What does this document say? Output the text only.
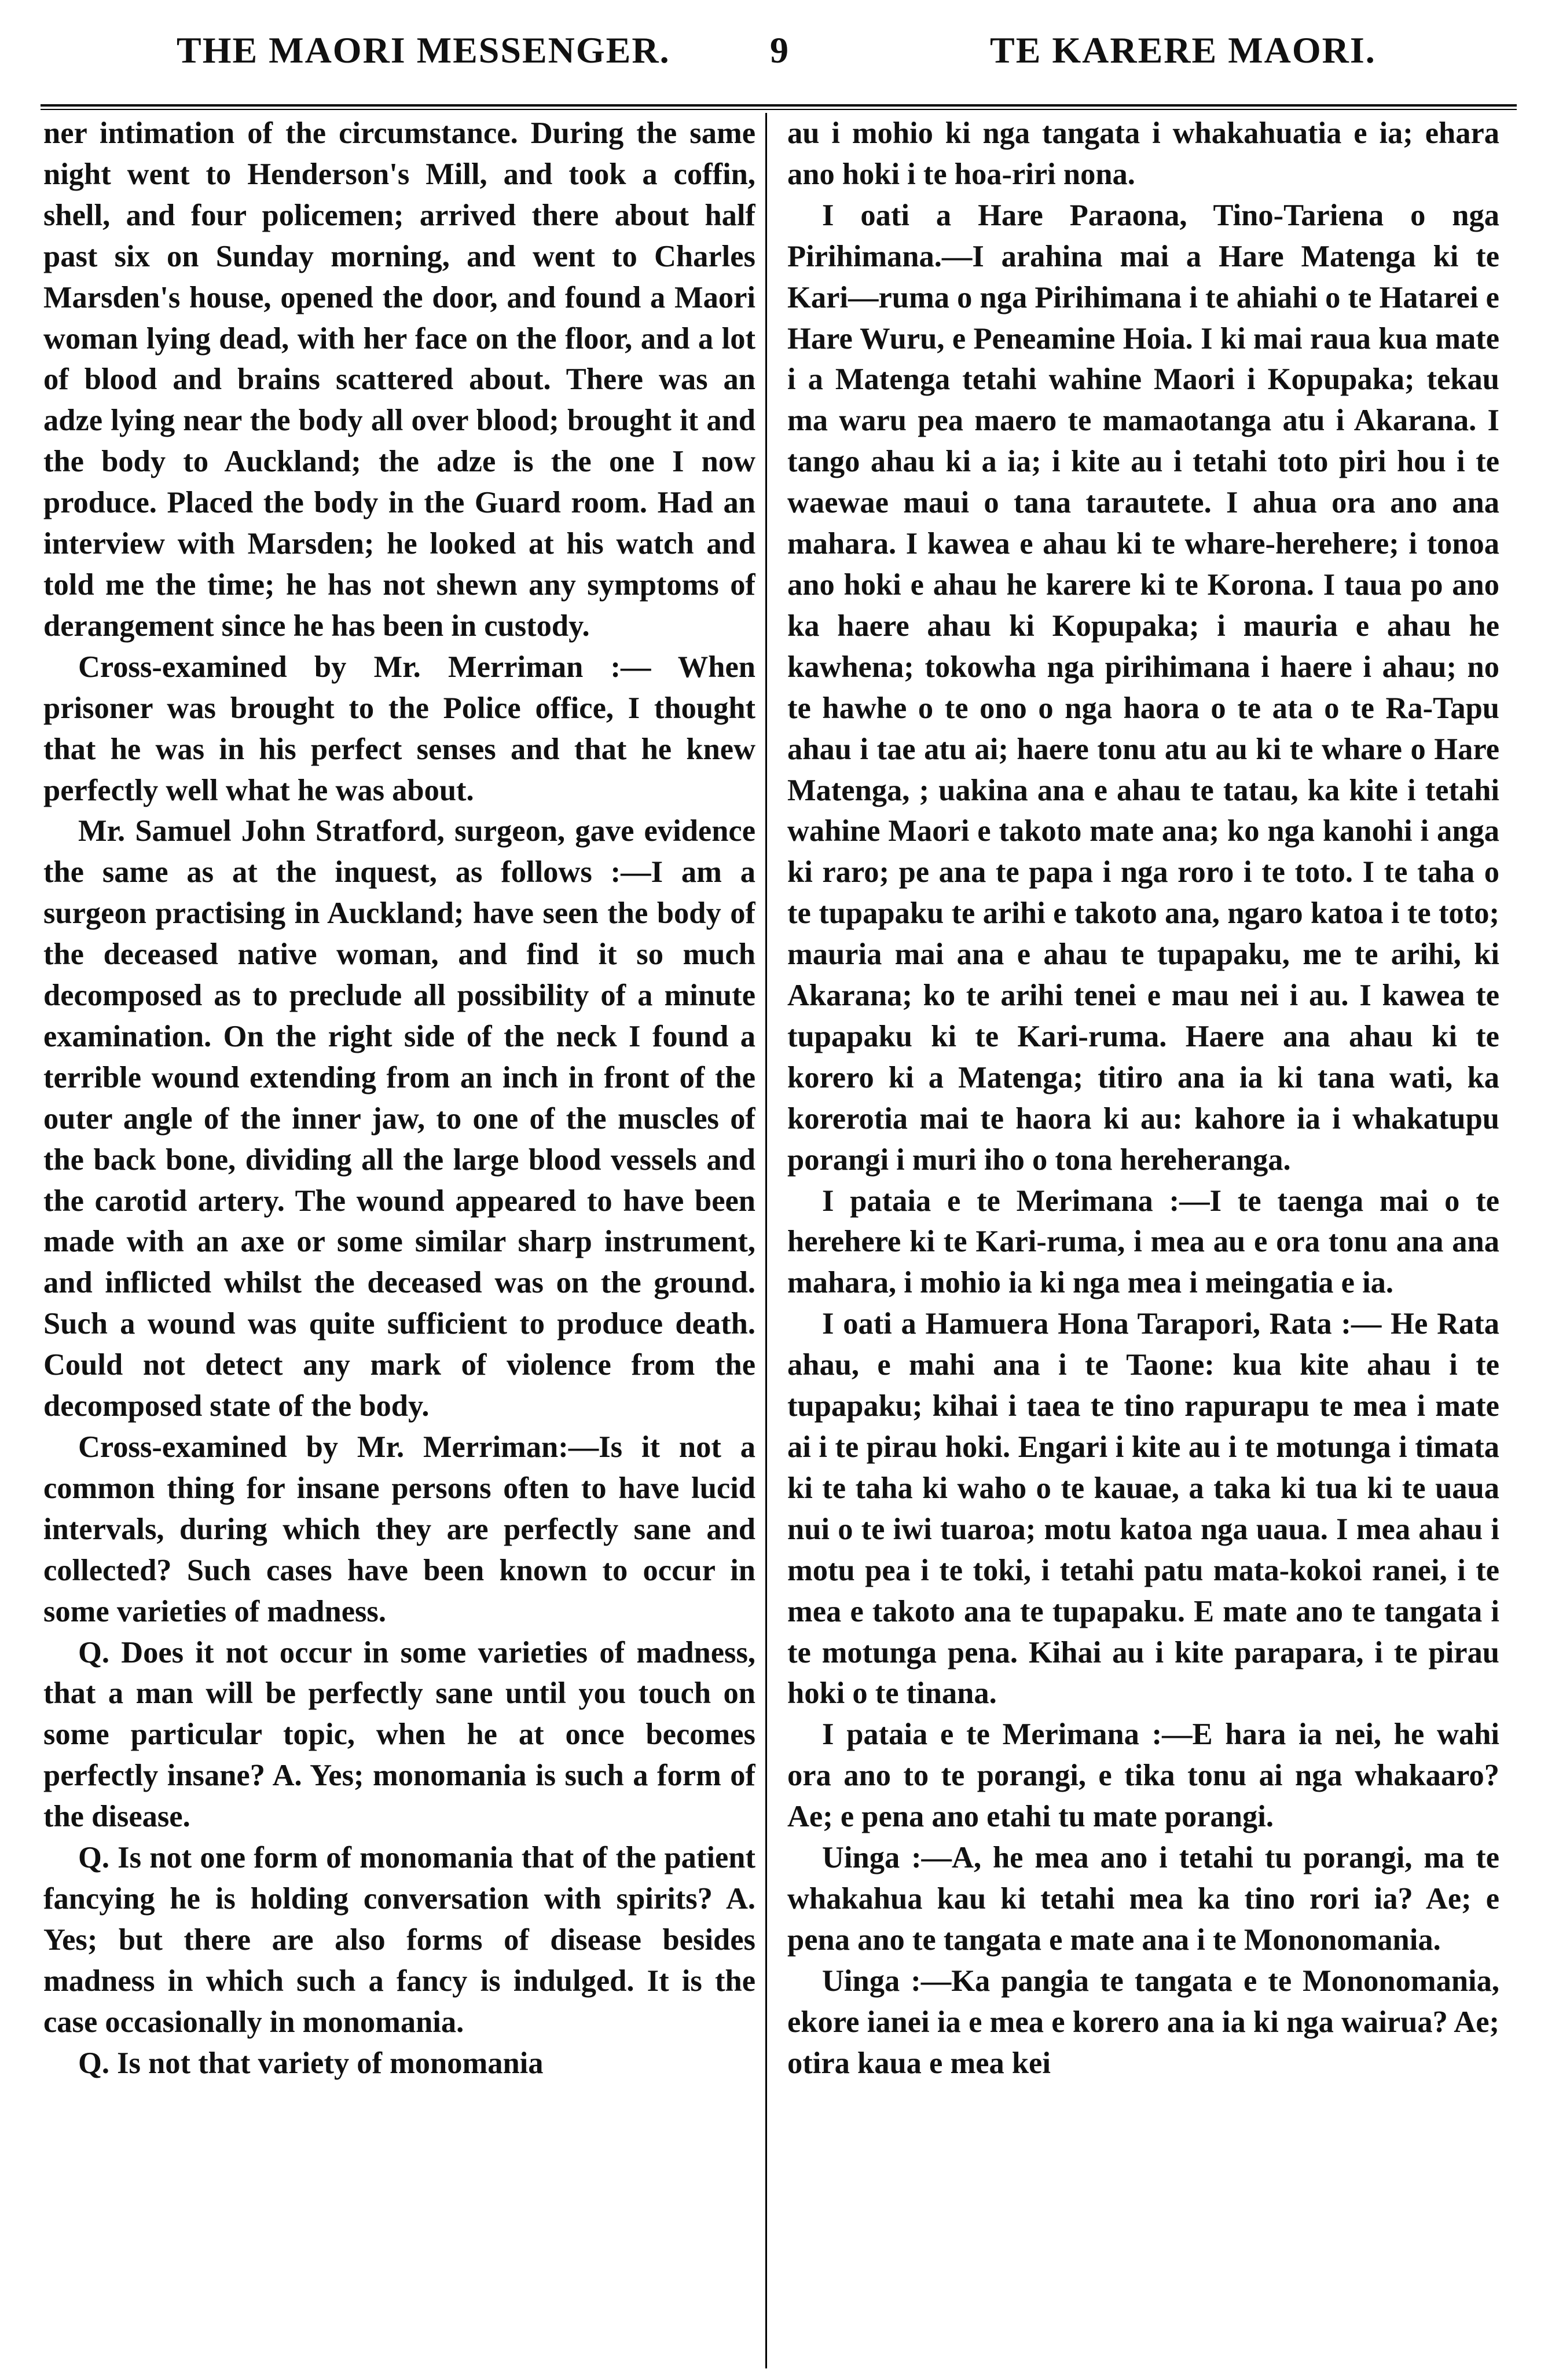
THE MAORI MESSENGER.	9	TE KARERE MAORI.

ner intimation of the circumstance. During the same night went to Henderson's Mill, and took a coffin, shell, and four policemen; arrived there about half past six on Sunday morning, and went to Charles Marsden's house, opened the door, and found a Maori woman lying dead, with her face on the floor, and a lot of blood and brains scattered about. There was an adze lying near the body all over blood; brought it and the body to Auckland; the adze is the one I now produce. Placed the body in the Guard room. Had an interview with Marsden; he looked at his watch and told me the time; he has not shewn any symptoms of derangement since he has been in custody.

Cross-examined by Mr. Merriman :— When prisoner was brought to the Police office, I thought that he was in his perfect senses and that he knew perfectly well what he was about.

Mr. Samuel John Stratford, surgeon, gave evidence the same as at the inquest, as follows :—I am a surgeon practising in Auckland; have seen the body of the deceased native woman, and find it so much decomposed as to preclude all possibility of a minute examination. On the right side of the neck I found a terrible wound extending from an inch in front of the outer angle of the inner jaw, to one of the muscles of the back bone, dividing all the large blood vessels and the carotid artery. The wound appeared to have been made with an axe or some similar sharp instrument, and inflicted whilst the deceased was on the ground. Such a wound was quite sufficient to produce death. Could not detect any mark of violence from the decomposed state of the body.

Cross-examined by Mr. Merriman:—Is it not a common thing for insane persons often to have lucid intervals, during which they are perfectly sane and collected? Such cases have been known to occur in some varieties of madness.

Q. Does it not occur in some varieties of madness, that a man will be perfectly sane until you touch on some particular topic, when he at once becomes perfectly insane? A. Yes; monomania is such a form of the disease.

Q. Is not one form of monomania that of the patient fancying he is holding conversation with spirits? A. Yes; but there are also forms of disease besides madness in which such a fancy is indulged. It is the case occasionally in monomania.

Q. Is not that variety of monomania

au i mohio ki nga tangata i whakahuatia e ia; ehara ano hoki i te hoa-riri nona.

I oati a Hare Paraona, Tino-Tariena o nga Pirihimana.—I arahina mai a Hare Matenga ki te Kari—ruma o nga Pirihimana i te ahiahi o te Hatarei e Hare Wuru, e Peneamine Hoia. I ki mai raua kua mate i a Matenga tetahi wahine Maori i Kopupaka; tekau ma waru pea maero te mamaotanga atu i Akarana. I tango ahau ki a ia; i kite au i tetahi toto piri hou i te waewae maui o tana tarautete. I ahua ora ano ana mahara. I kawea e ahau ki te whare-herehere; i tonoa ano hoki e ahau he karere ki te Korona. I taua po ano ka haere ahau ki Kopupaka; i mauria e ahau he kawhena; tokowha nga pirihimana i haere i ahau; no te hawhe o te ono o nga haora o te ata o te Ra-Tapu ahau i tae atu ai; haere tonu atu au ki te whare o Hare Matenga, ; uakina ana e ahau te tatau, ka kite i tetahi wahine Maori e takoto mate ana; ko nga kanohi i anga ki raro; pe ana te papa i nga roro i te toto. I te taha o te tupapaku te arihi e takoto ana, ngaro katoa i te toto; mauria mai ana e ahau te tupapaku, me te arihi, ki Akarana; ko te arihi tenei e mau nei i au. I kawea te tupapaku ki te Kari-ruma. Haere ana ahau ki te korero ki a Matenga; titiro ana ia ki tana wati, ka korerotia mai te haora ki au: kahore ia i whakatupu porangi i muri iho o tona hereheranga.

I pataia e te Merimana :—I te taenga mai o te herehere ki te Kari-ruma, i mea au e ora tonu ana ana mahara, i mohio ia ki nga mea i meingatia e ia.

I oati a Hamuera Hona Tarapori, Rata :— He Rata ahau, e mahi ana i te Taone: kua kite ahau i te tupapaku; kihai i taea te tino rapurapu te mea i mate ai i te pirau hoki. Engari i kite au i te motunga i timata ki te taha ki waho o te kauae, a taka ki tua ki te uaua nui o te iwi tuaroa; motu katoa nga uaua. I mea ahau i motu pea i te toki, i tetahi patu mata-kokoi ranei, i te mea e takoto ana te tupapaku. E mate ano te tangata i te motunga pena. Kihai au i kite parapara, i te pirau hoki o te tinana.

I pataia e te Merimana :—E hara ia nei, he wahi ora ano to te porangi, e tika tonu ai nga whakaaro? Ae; e pena ano etahi tu mate porangi.

Uinga :—A, he mea ano i tetahi tu porangi, ma te whakahua kau ki tetahi mea ka tino rori ia? Ae; e pena ano te tangata e mate ana i te Mononomania.

Uinga :—Ka pangia te tangata e te Mononomania, ekore ianei ia e mea e korero ana ia ki nga wairua? Ae; otira kaua e mea kei
